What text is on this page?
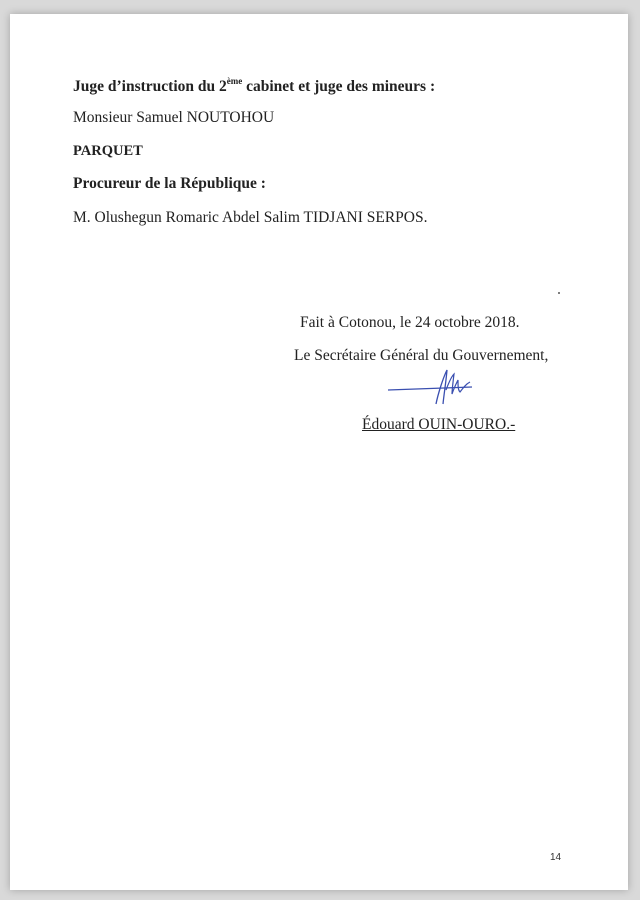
Juge d’instruction du 2ème cabinet et juge des mineurs :
Monsieur Samuel NOUTOHOU
PARQUET
Procureur de la République :
M. Olushegun Romaric Abdel Salim TIDJANI SERPOS.
Fait à Cotonou, le 24 octobre 2018.
Le Secrétaire Général du Gouvernement,
Édouard OUIN-OURO.-
14
